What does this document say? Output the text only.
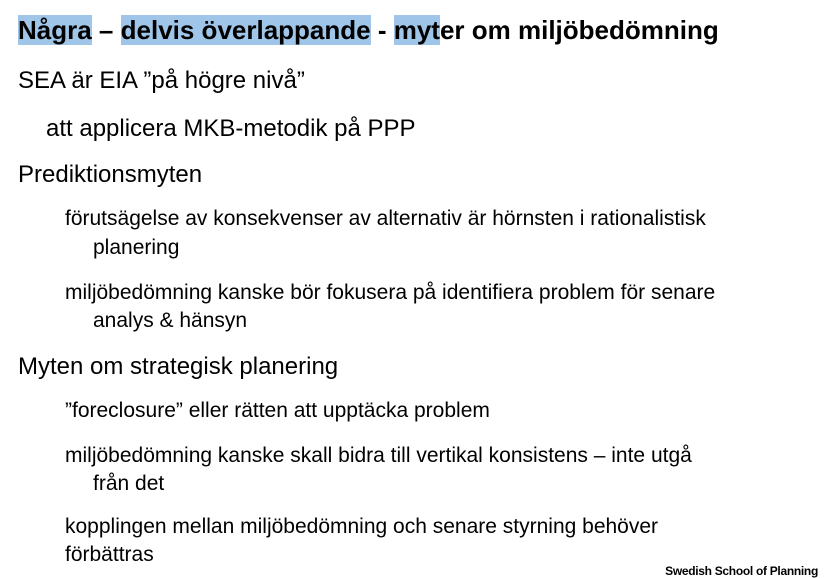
Några – delvis överlappande - myter om miljöbedömning
SEA är EIA ”på högre nivå”
att applicera MKB-metodik på PPP
Prediktionsmyten
förutsägelse av konsekvenser av alternativ är hörnsten i rationalistisk
planering
miljöbedömning kanske bör fokusera på identifiera problem för senare
analys & hänsyn
Myten om strategisk planering
”foreclosure” eller rätten att upptäcka problem
miljöbedömning kanske skall bidra till vertikal konsistens – inte utgå
från det
kopplingen mellan miljöbedömning och senare styrning behöver
förbättras
Swedish School of Planning
